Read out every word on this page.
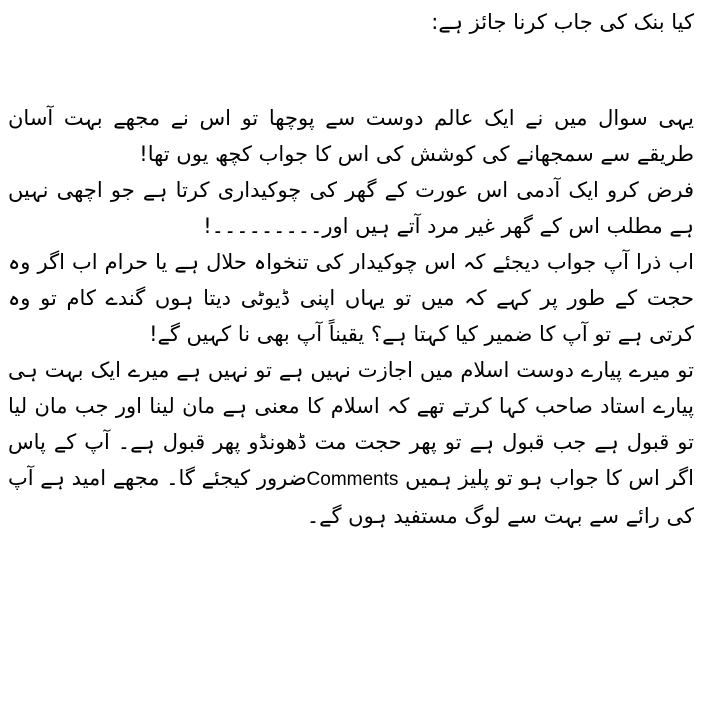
کیا بنک کی جاب کرنا جائز ہے:

یہی سوال میں نے ایک عالم دوست سے پوچھا تو اس نے مجھے بہت آسان طریقے سے سمجھانے کی کوشش کی اس کا جواب کچھ یوں تھا!

فرض کرو ایک آدمی اس عورت کے گھر کی چوکیداری کرتا ہے جو اچھی نہیں ہے مطلب اس کے گھر غیر مرد آتے ہیں اور۔۔۔۔۔۔۔۔۔!

اب ذرا آپ جواب دیجئے کہ اس چوکیدار کی تنخواہ حلال ہے یا حرام اب اگر وہ حجت کے طور پر کہے کہ میں تو یہاں اپنی ڈیوٹی دیتا ہوں گندے کام تو وہ کرتی ہے تو آپ کا ضمیر کیا کہتا ہے؟ یقیناً آپ بھی نا کہیں گے!

تو میرے پیارے دوست اسلام میں اجازت نہیں ہے تو نہیں ہے میرے ایک بہت ہی پیارے استاد صاحب کہا کرتے تھے کہ اسلام کا معنی ہے مان لینا اور جب مان لیا تو قبول ہے جب قبول ہے تو پھر حجت مت ڈھونڈو پھر قبول ہے۔ آپ کے پاس اگر اس کا جواب ہو تو پلیز ہمیں Commentsضرور کیجئے گا۔ مجھے امید ہے آپ کی رائے سے بہت سے لوگ مستفید ہوں گے۔
